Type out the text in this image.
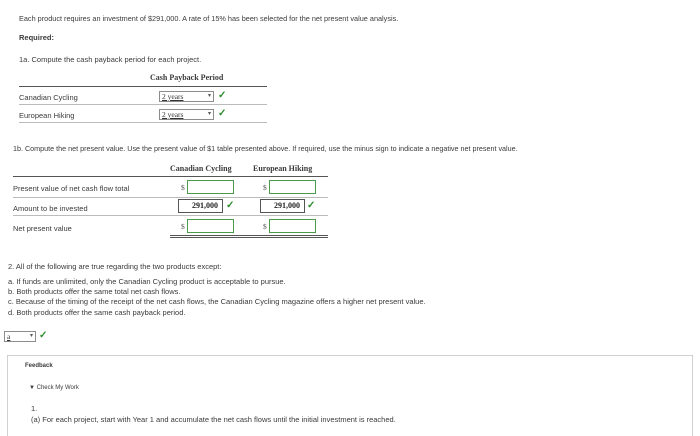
Each product requires an investment of $291,000. A rate of 15% has been selected for the net present value analysis.
Required:
1a. Compute the cash payback period for each project.
Cash Payback Period
Canadian Cycling	2 years	▾ ✓
European Hiking	2 years	▾ ✓
1b. Compute the net present value. Use the present value of $1 table presented above. If required, use the minus sign to indicate a negative net present value.
Canadian Cycling	European Hiking
Present value of net cash flow total	$	$
Amount to be invested	291,000 ✓	291,000 ✓
Net present value	$	$
2. All of the following are true regarding the two products except:
a. If funds are unlimited, only the Canadian Cycling product is acceptable to pursue.
b. Both products offer the same total net cash flows.
c. Because of the timing of the receipt of the net cash flows, the Canadian Cycling magazine offers a higher net present value.
d. Both products offer the same cash payback period.
a	▾ ✓
Feedback
▼ Check My Work
1.
(a) For each project, start with Year 1 and accumulate the net cash flows until the initial investment is reached.
